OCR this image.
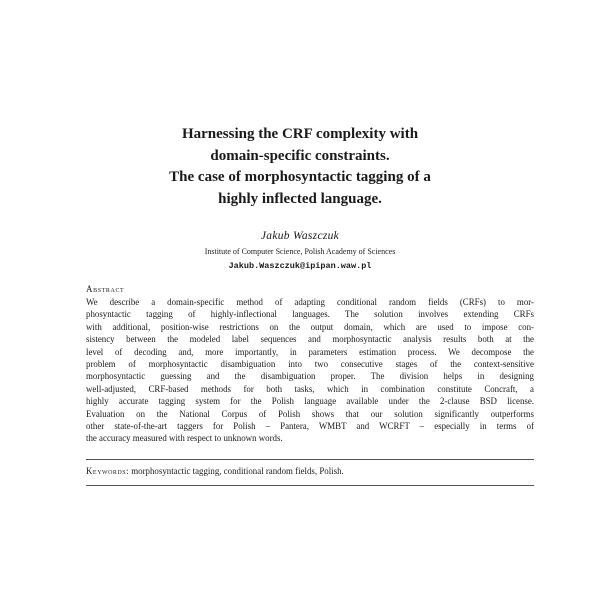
Harnessing the CRF complexity with
domain-specific constraints.
The case of morphosyntactic tagging of a
highly inflected language.
Jakub Waszczuk
Institute of Computer Science, Polish Academy of Sciences
Jakub.Waszczuk@ipipan.waw.pl
Abstract
We describe a domain-specific method of adapting conditional random fields (CRFs) to mor-
phosyntactic tagging of highly-inflectional languages. The solution involves extending CRFs
with additional, position-wise restrictions on the output domain, which are used to impose con-
sistency between the modeled label sequences and morphosyntactic analysis results both at the
level of decoding and, more importantly, in parameters estimation process. We decompose the
problem of morphosyntactic disambiguation into two consecutive stages of the context-sensitive
morphosyntactic guessing and the disambiguation proper. The division helps in designing
well-adjusted, CRF-based methods for both tasks, which in combination constitute Concraft, a
highly accurate tagging system for the Polish language available under the 2-clause BSD license.
Evaluation on the National Corpus of Polish shows that our solution significantly outperforms
other state-of-the-art taggers for Polish – Pantera, WMBT and WCRFT – especially in terms of
the accuracy measured with respect to unknown words.
Keywords: morphosyntactic tagging, conditional random fields, Polish.
